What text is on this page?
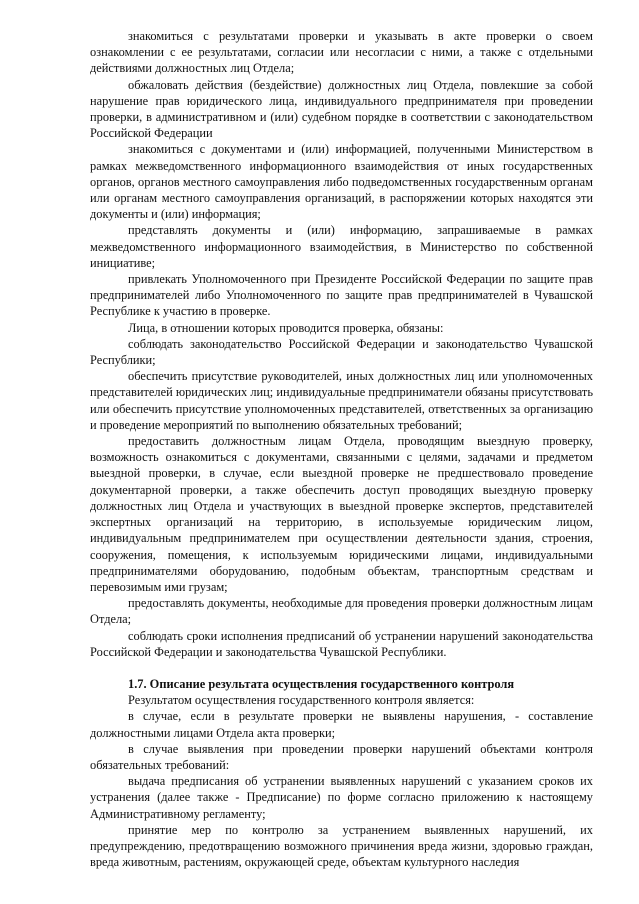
знакомиться с результатами проверки и указывать в акте проверки о своем ознакомлении с ее результатами, согласии или несогласии с ними, а также с отдельными действиями должностных лиц Отдела;

обжаловать действия (бездействие) должностных лиц Отдела, повлекшие за собой нарушение прав юридического лица, индивидуального предпринимателя при проведении проверки, в административном и (или) судебном порядке в соответствии с законодательством Российской Федерации

знакомиться с документами и (или) информацией, полученными Министерством в рамках межведомственного информационного взаимодействия от иных государственных органов, органов местного самоуправления либо подведомственных государственным органам или органам местного самоуправления организаций, в распоряжении которых находятся эти документы и (или) информация;

представлять документы и (или) информацию, запрашиваемые в рамках межведомственного информационного взаимодействия, в Министерство по собственной инициативе;

привлекать Уполномоченного при Президенте Российской Федерации по защите прав предпринимателей либо Уполномоченного по защите прав предпринимателей в Чувашской Республике к участию в проверке.

Лица, в отношении которых проводится проверка, обязаны:

соблюдать законодательство Российской Федерации и законодательство Чувашской Республики;

обеспечить присутствие руководителей, иных должностных лиц или уполномоченных представителей юридических лиц; индивидуальные предприниматели обязаны присутствовать или обеспечить присутствие уполномоченных представителей, ответственных за организацию и проведение мероприятий по выполнению обязательных требований;

предоставить должностным лицам Отдела, проводящим выездную проверку, возможность ознакомиться с документами, связанными с целями, задачами и предметом выездной проверки, в случае, если выездной проверке не предшествовало проведение документарной проверки, а также обеспечить доступ проводящих выездную проверку должностных лиц Отдела и участвующих в выездной проверке экспертов, представителей экспертных организаций на территорию, в используемые юридическим лицом, индивидуальным предпринимателем при осуществлении деятельности здания, строения, сооружения, помещения, к используемым юридическими лицами, индивидуальными предпринимателями оборудованию, подобным объектам, транспортным средствам и перевозимым ими грузам;

предоставлять документы, необходимые для проведения проверки должностным лицам Отдела;

соблюдать сроки исполнения предписаний об устранении нарушений законодательства Российской Федерации и законодательства Чувашской Республики.

1.7. Описание результата осуществления государственного контроля

Результатом осуществления государственного контроля является:

в случае, если в результате проверки не выявлены нарушения, - составление должностными лицами Отдела акта проверки;

в случае выявления при проведении проверки нарушений объектами контроля обязательных требований:

выдача предписания об устранении выявленных нарушений с указанием сроков их устранения (далее также - Предписание) по форме согласно приложению к настоящему Административному регламенту;

принятие мер по контролю за устранением выявленных нарушений, их предупреждению, предотвращению возможного причинения вреда жизни, здоровью граждан, вреда животным, растениям, окружающей среде, объектам культурного наследия
